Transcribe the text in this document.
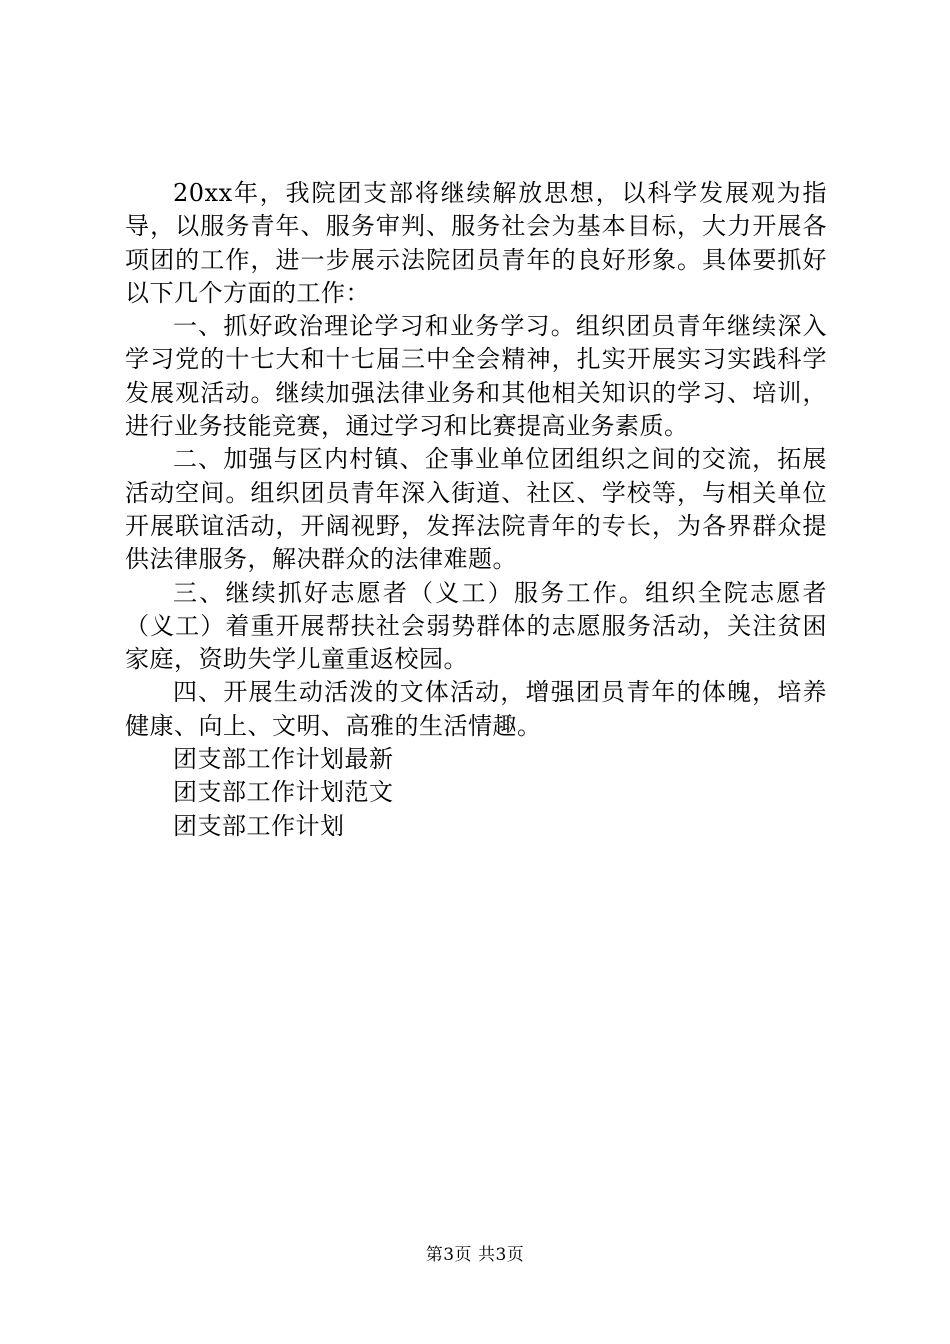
20xx年，我院团支部将继续解放思想，以科学发展观为指导，以服务青年、服务审判、服务社会为基本目标，大力开展各项团的工作，进一步展示法院团员青年的良好形象。具体要抓好以下几个方面的工作：

一、抓好政治理论学习和业务学习。组织团员青年继续深入学习党的十七大和十七届三中全会精神，扎实开展实习实践科学发展观活动。继续加强法律业务和其他相关知识的学习、培训，进行业务技能竞赛，通过学习和比赛提高业务素质。

二、加强与区内村镇、企事业单位团组织之间的交流，拓展活动空间。组织团员青年深入街道、社区、学校等，与相关单位开展联谊活动，开阔视野，发挥法院青年的专长，为各界群众提供法律服务，解决群众的法律难题。

三、继续抓好志愿者（义工）服务工作。组织全院志愿者（义工）着重开展帮扶社会弱势群体的志愿服务活动，关注贫困家庭，资助失学儿童重返校园。

四、开展生动活泼的文体活动，增强团员青年的体魄，培养健康、向上、文明、高雅的生活情趣。

团支部工作计划最新

团支部工作计划范文

团支部工作计划

第3页 共3页
